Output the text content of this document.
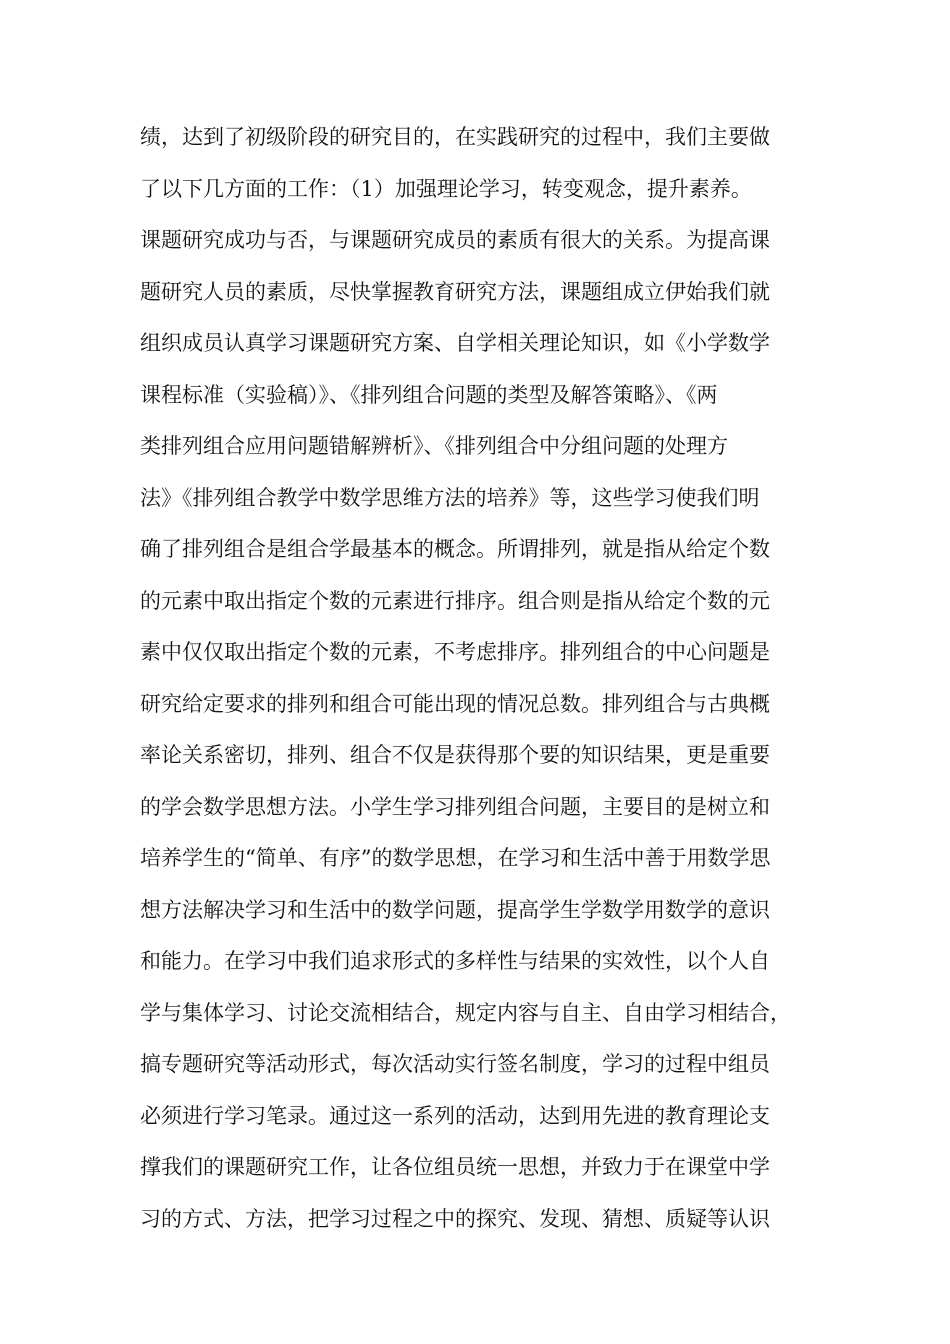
绩，达到了初级阶段的研究目的，在实践研究的过程中，我们主要做
了以下几方面的工作：（1）加强理论学习，转变观念，提升素养。
课题研究成功与否，与课题研究成员的素质有很大的关系。为提高课
题研究人员的素质，尽快掌握教育研究方法，课题组成立伊始我们就
组织成员认真学习课题研究方案、自学相关理论知识，如《小学数学
课程标准（实验稿）》、《排列组合问题的类型及解答策略》、《两
类排列组合应用问题错解辨析》、《排列组合中分组问题的处理方
法》《排列组合教学中数学思维方法的培养》等，这些学习使我们明
确了排列组合是组合学最基本的概念。所谓排列，就是指从给定个数
的元素中取出指定个数的元素进行排序。组合则是指从给定个数的元
素中仅仅取出指定个数的元素，不考虑排序。排列组合的中心问题是
研究给定要求的排列和组合可能出现的情况总数。排列组合与古典概
率论关系密切，排列、组合不仅是获得那个要的知识结果，更是重要
的学会数学思想方法。小学生学习排列组合问题，主要目的是树立和
培养学生的“简单、有序”的数学思想，在学习和生活中善于用数学思
想方法解决学习和生活中的数学问题，提高学生学数学用数学的意识
和能力。在学习中我们追求形式的多样性与结果的实效性，以个人自
学与集体学习、讨论交流相结合，规定内容与自主、自由学习相结合，
搞专题研究等活动形式，每次活动实行签名制度，学习的过程中组员
必须进行学习笔录。通过这一系列的活动，达到用先进的教育理论支
撑我们的课题研究工作，让各位组员统一思想，并致力于在课堂中学
习的方式、方法，把学习过程之中的探究、发现、猜想、质疑等认识
